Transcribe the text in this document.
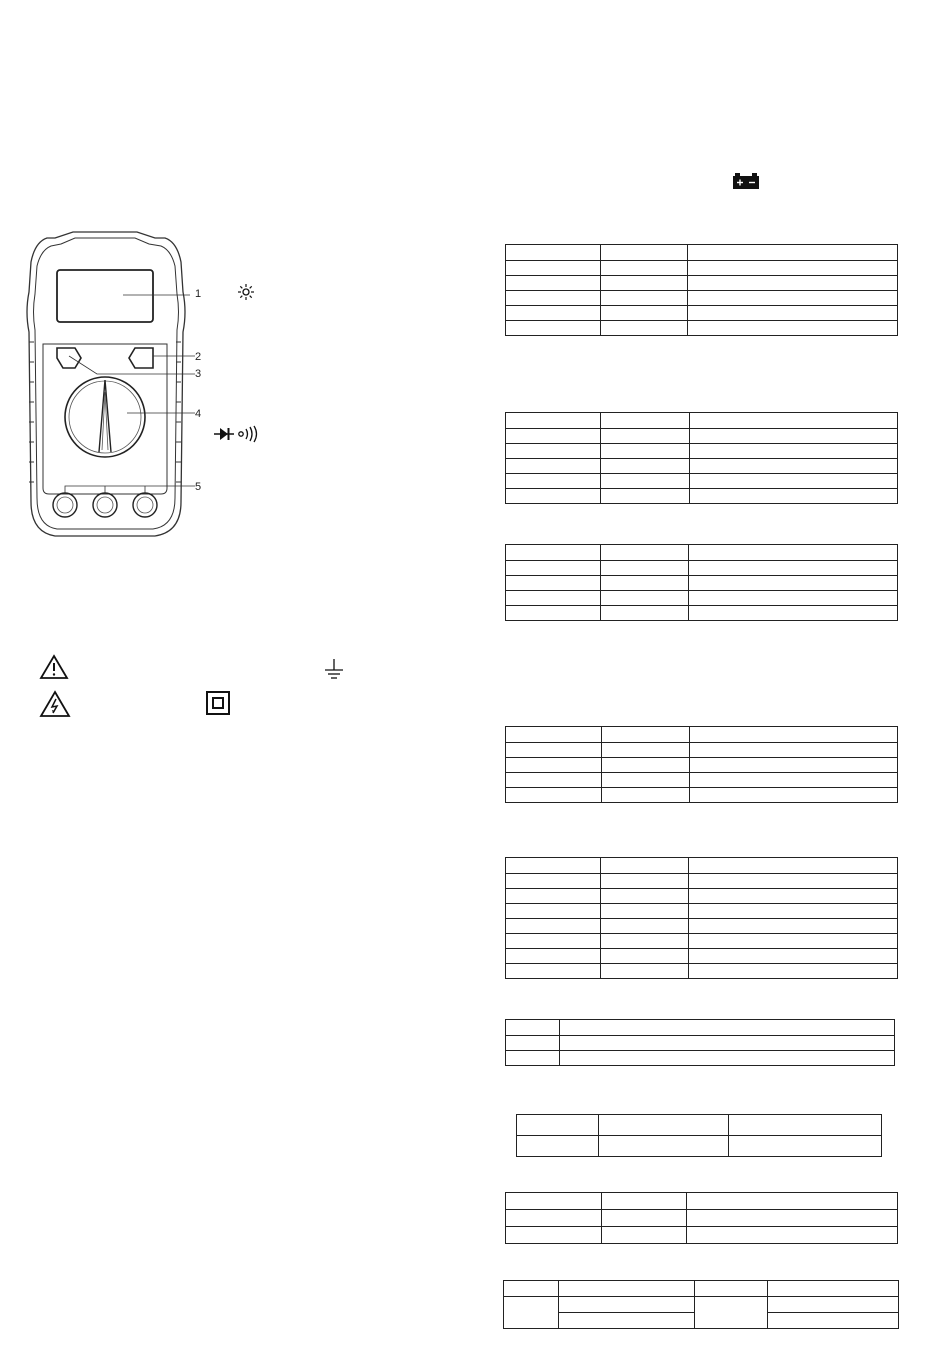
1
2
3
4
5
